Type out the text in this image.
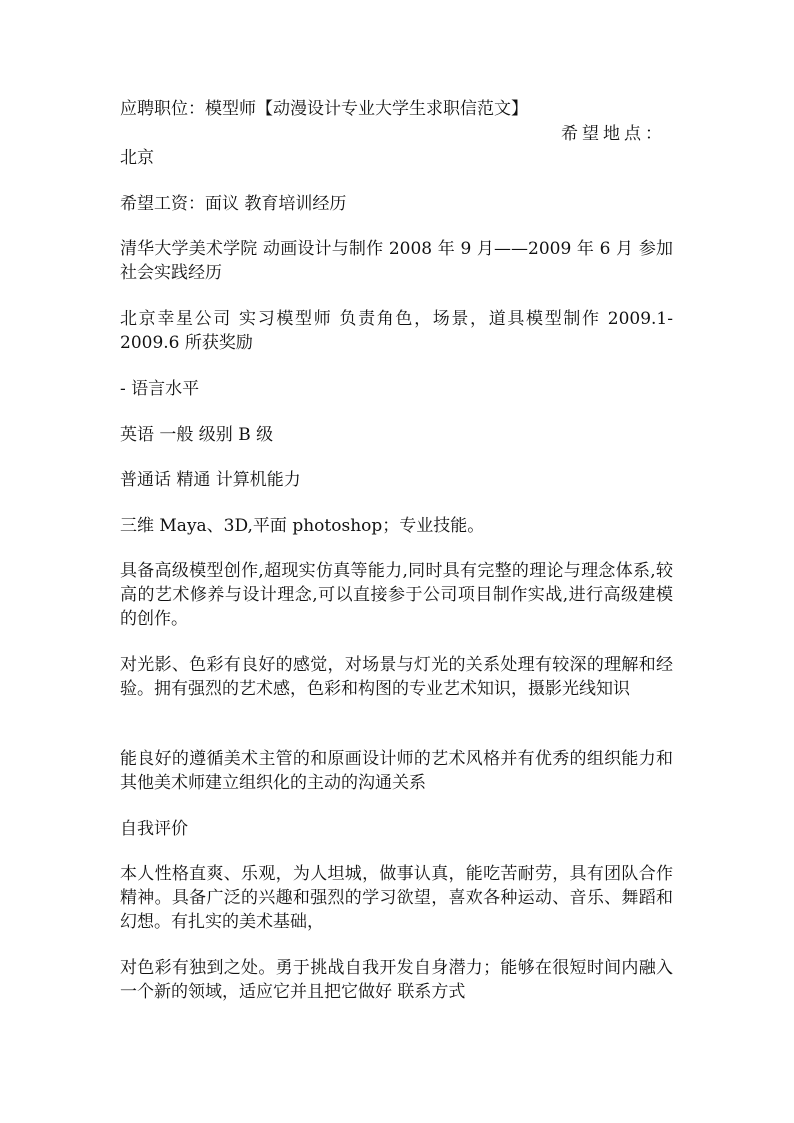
应聘职位：模型师【动漫设计专业大学生求职信范文】

希望地点：

北京

希望工资：面议 教育培训经历

清华大学美术学院 动画设计与制作 2008 年 9 月——2009 年 6 月 参加社会实践经历

北京幸星公司 实习模型师 负责角色，场景，道具模型制作 2009.1-2009.6 所获奖励

- 语言水平

英语 一般 级别 B 级

普通话 精通 计算机能力

三维 Maya、3D,平面 photoshop；专业技能。

具备高级模型创作,超现实仿真等能力,同时具有完整的理论与理念体系,较高的艺术修养与设计理念,可以直接参于公司项目制作实战,进行高级建模的创作。

对光影、色彩有良好的感觉，对场景与灯光的关系处理有较深的理解和经验。拥有强烈的艺术感，色彩和构图的专业艺术知识，摄影光线知识

能良好的遵循美术主管的和原画设计师的艺术风格并有优秀的组织能力和其他美术师建立组织化的主动的沟通关系

自我评价

本人性格直爽、乐观，为人坦城，做事认真，能吃苦耐劳，具有团队合作精神。具备广泛的兴趣和强烈的学习欲望，喜欢各种运动、音乐、舞蹈和幻想。有扎实的美术基础，

对色彩有独到之处。勇于挑战自我开发自身潜力；能够在很短时间内融入一个新的领域，适应它并且把它做好 联系方式
